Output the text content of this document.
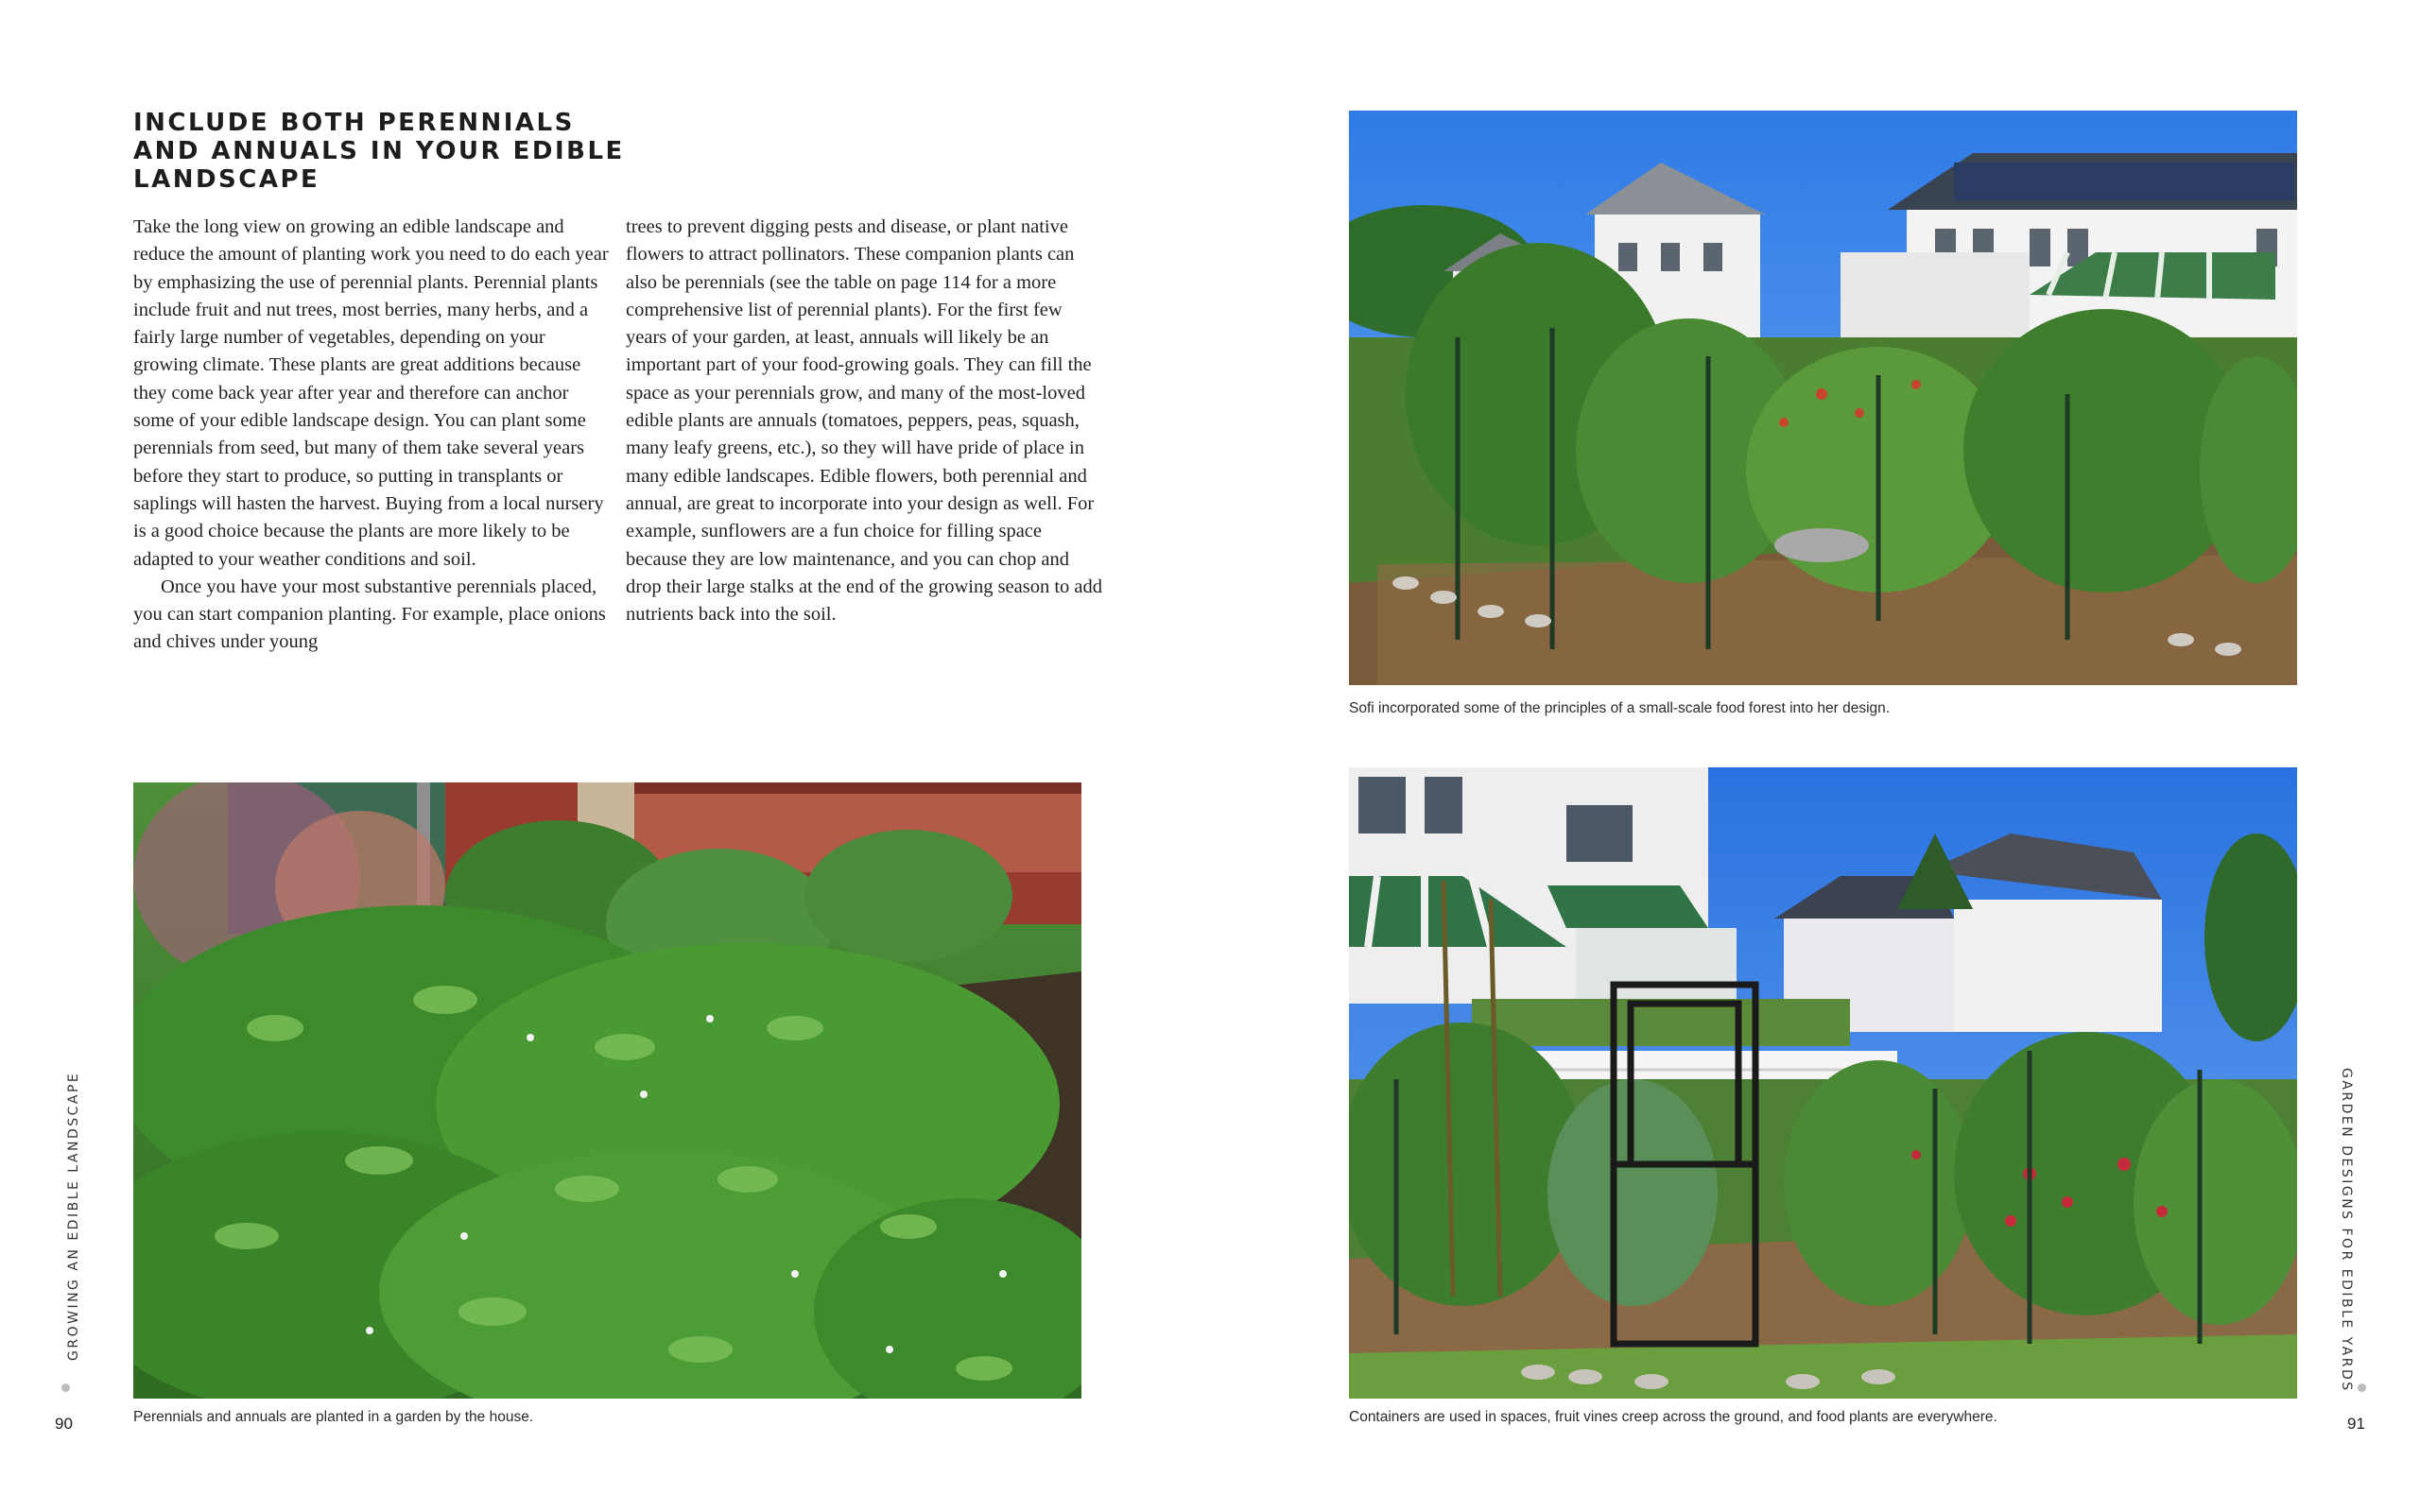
INCLUDE BOTH PERENNIALS AND ANNUALS IN YOUR EDIBLE LANDSCAPE

Take the long view on growing an edible landscape and reduce the amount of planting work you need to do each year by emphasizing the use of perennial plants. Perennial plants include fruit and nut trees, most berries, many herbs, and a fairly large number of vegetables, depending on your growing climate. These plants are great additions because they come back year after year and therefore can anchor some of your edible landscape design. You can plant some perennials from seed, but many of them take several years before they start to produce, so putting in transplants or saplings will hasten the harvest. Buying from a local nursery is a good choice because the plants are more likely to be adapted to your weather conditions and soil.

Once you have your most substantive perennials placed, you can start companion planting. For example, place onions and chives under young

trees to prevent digging pests and disease, or plant native flowers to attract pollinators. These companion plants can also be perennials (see the table on page 114 for a more comprehensive list of perennial plants). For the first few years of your garden, at least, annuals will likely be an important part of your food-growing goals. They can fill the space as your perennials grow, and many of the most-loved edible plants are annuals (tomatoes, peppers, peas, squash, many leafy greens, etc.), so they will have pride of place in many edible landscapes. Edible flowers, both perennial and annual, are great to incorporate into your design as well. For example, sunflowers are a fun choice for filling space because they are low maintenance, and you can chop and drop their large stalks at the end of the growing season to add nutrients back into the soil.

Perennials and annuals are planted in a garden by the house.
90
GROWING AN EDIBLE LANDSCAPE
Sofi incorporated some of the principles of a small-scale food forest into her design.
Containers are used in spaces, fruit vines creep across the ground, and food plants are everywhere.	91
GARDEN DESIGNS FOR EDIBLE YARDS
